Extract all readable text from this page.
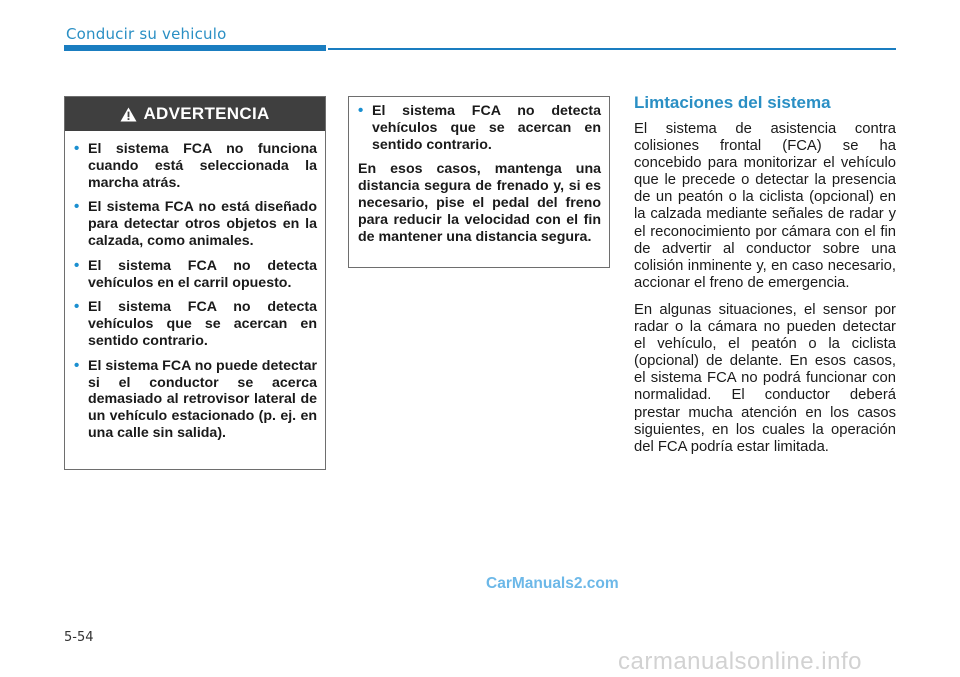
Conducir su vehiculo
ADVERTENCIA
• El sistema FCA no funciona cuando está seleccionada la marcha atrás.
• El sistema FCA no está diseñado para detectar otros objetos en la calzada, como animales.
• El sistema FCA no detecta vehículos en el carril opuesto.
• El sistema FCA no detecta vehículos que se acercan en sentido contrario.
• El sistema FCA no puede detectar si el conductor se acerca demasiado al retrovisor lateral de un vehículo estacionado (p. ej. en una calle sin salida).
• El sistema FCA no detecta vehículos que se acercan en sentido contrario.

En esos casos, mantenga una distancia segura de frenado y, si es necesario, pise el pedal del freno para reducir la velocidad con el fin de mantener una distancia segura.

Limtaciones del sistema

El sistema de asistencia contra colisiones frontal (FCA) se ha concebido para monitorizar el vehículo que le precede o detectar la presencia de un peatón o la ciclista (opcional) en la calzada mediante señales de radar y el reconocimiento por cámara con el fin de advertir al conductor sobre una colisión inminente y, en caso necesario, accionar el freno de emergencia.

En algunas situaciones, el sensor por radar o la cámara no pueden detectar el vehículo, el peatón o la ciclista (opcional) de delante. En esos casos, el sistema FCA no podrá funcionar con normalidad. El conductor deberá prestar mucha atención en los casos siguientes, en los cuales la operación del FCA podría estar limitada.

CarManuals2.com
5-54
carmanualsonline.info
